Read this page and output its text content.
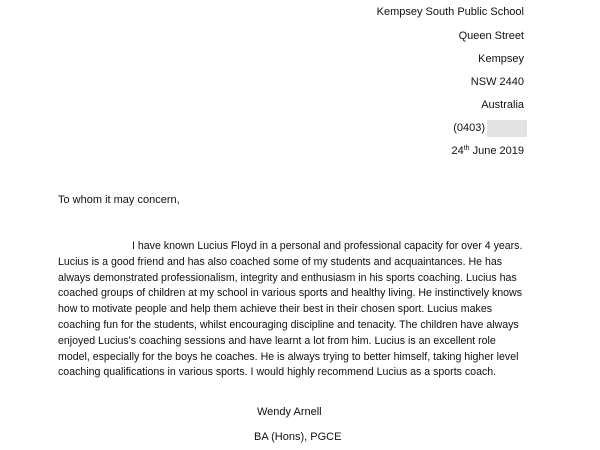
Kempsey South Public School
Queen Street
Kempsey
NSW 2440
Australia
(0403)
24th June 2019
To whom it may concern,
I have known Lucius Floyd in a personal and professional capacity for over 4 years. Lucius is a good friend and has also coached some of my students and acquaintances. He has always demonstrated professionalism, integrity and enthusiasm in his sports coaching. Lucius has coached groups of children at my school in various sports and healthy living. He instinctively knows how to motivate people and help them achieve their best in their chosen sport. Lucius makes coaching fun for the students, whilst encouraging discipline and tenacity. The children have always enjoyed Lucius's coaching sessions and have learnt a lot from him. Lucius is an excellent role model, especially for the boys he coaches. He is always trying to better himself, taking higher level coaching qualifications in various sports. I would highly recommend Lucius as a sports coach.
Wendy Arnell
BA (Hons), PGCE
